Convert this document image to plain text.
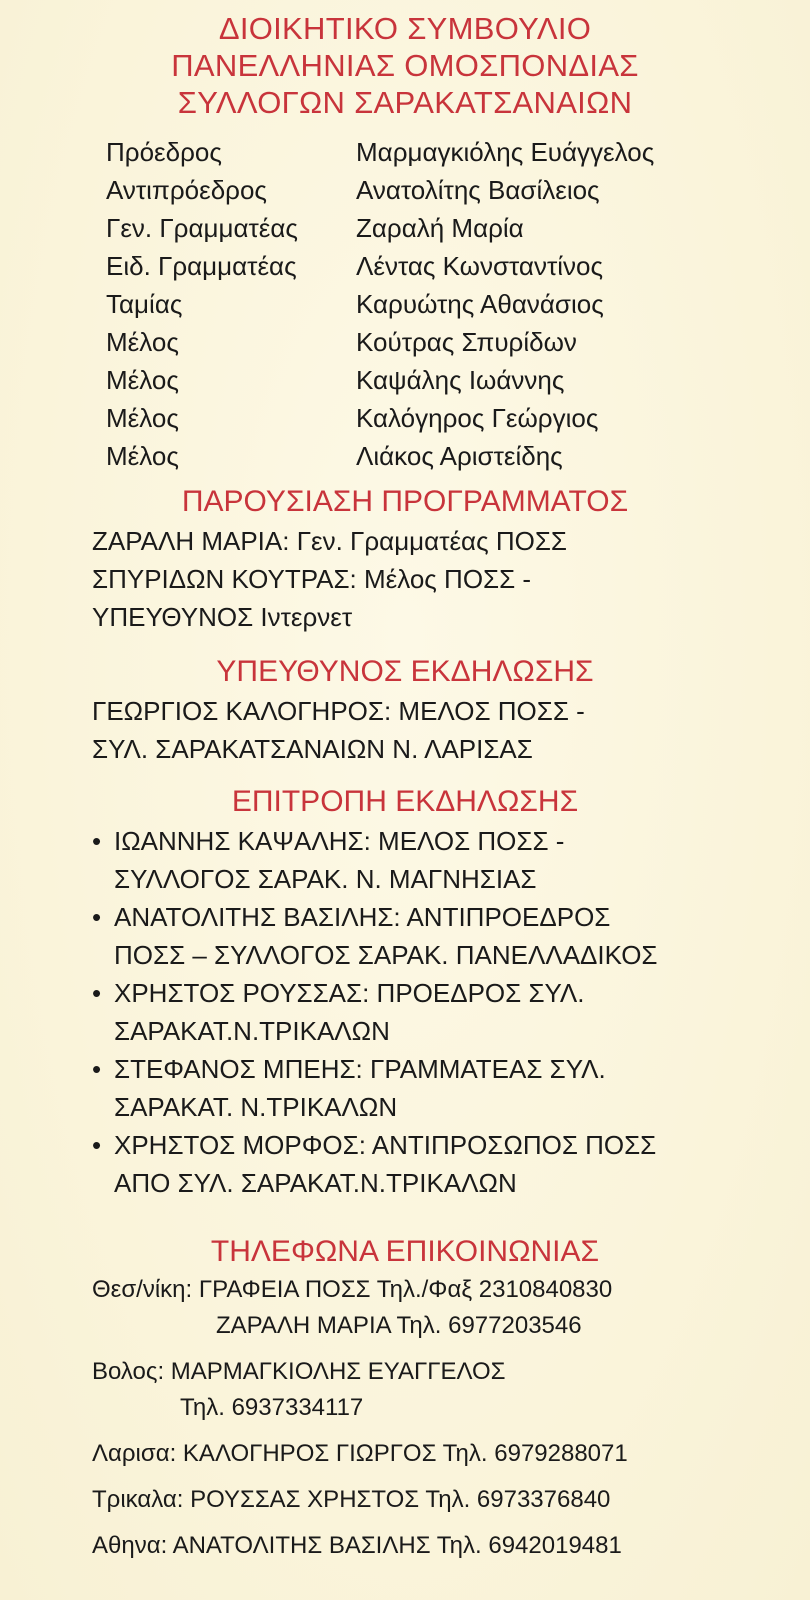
ΔΙΟΙΚΗΤΙΚΟ ΣΥΜΒΟΥΛΙΟ
ΠΑΝΕΛΛΗΝΙΑΣ ΟΜΟΣΠΟΝΔΙΑΣ
ΣΥΛΛΟΓΩΝ ΣΑΡΑΚΑΤΣΑΝΑΙΩΝ
Πρόεδρος	Μαρμαγκιόλης Ευάγγελος
Αντιπρόεδρος	Ανατολίτης Βασίλειος
Γεν. Γραμματέας	Ζαραλή Μαρία
Ειδ. Γραμματέας	Λέντας Κωνσταντίνος
Ταμίας	Καρυώτης Αθανάσιος
Μέλος	Κούτρας Σπυρίδων
Μέλος	Καψάλης Ιωάννης
Μέλος	Καλόγηρος Γεώργιος
Μέλος	Λιάκος Αριστείδης
ΠΑΡΟΥΣΙΑΣΗ ΠΡΟΓΡΑΜΜΑΤΟΣ
ΖΑΡΑΛΗ ΜΑΡΙΑ: Γεν. Γραμματέας ΠΟΣΣ
ΣΠΥΡΙΔΩΝ ΚΟΥΤΡΑΣ: Μέλος ΠΟΣΣ -
ΥΠΕΥΘΥΝΟΣ Ιντερνετ
ΥΠΕΥΘΥΝΟΣ ΕΚΔΗΛΩΣΗΣ
ΓΕΩΡΓΙΟΣ ΚΑΛΟΓΗΡΟΣ: ΜΕΛΟΣ ΠΟΣΣ -
ΣΥΛ. ΣΑΡΑΚΑΤΣΑΝΑΙΩΝ Ν. ΛΑΡΙΣΑΣ
ΕΠΙΤΡΟΠΗ ΕΚΔΗΛΩΣΗΣ
• ΙΩΑΝΝΗΣ ΚΑΨΑΛΗΣ: ΜΕΛΟΣ ΠΟΣΣ -
ΣΥΛΛΟΓΟΣ ΣΑΡΑΚ. Ν. ΜΑΓΝΗΣΙΑΣ
• ΑΝΑΤΟΛΙΤΗΣ ΒΑΣΙΛΗΣ: ΑΝΤΙΠΡΟΕΔΡΟΣ
ΠΟΣΣ – ΣΥΛΛΟΓΟΣ ΣΑΡΑΚ. ΠΑΝΕΛΛΑΔΙΚΟΣ
• ΧΡΗΣΤΟΣ ΡΟΥΣΣΑΣ: ΠΡΟΕΔΡΟΣ ΣΥΛ.
ΣΑΡΑΚΑΤ.Ν.ΤΡΙΚΑΛΩΝ
• ΣΤΕΦΑΝΟΣ ΜΠΕΗΣ: ΓΡΑΜΜΑΤΕΑΣ ΣΥΛ.
ΣΑΡΑΚΑΤ. Ν.ΤΡΙΚΑΛΩΝ
• ΧΡΗΣΤΟΣ ΜΟΡΦΟΣ: ΑΝΤΙΠΡΟΣΩΠΟΣ ΠΟΣΣ
ΑΠΟ ΣΥΛ. ΣΑΡΑΚΑΤ.Ν.ΤΡΙΚΑΛΩΝ
ΤΗΛΕΦΩΝΑ ΕΠΙΚΟΙΝΩΝΙΑΣ
Θεσ/νίκη: ΓΡΑΦΕΙΑ ΠΟΣΣ Τηλ./Φαξ 2310840830
ΖΑΡΑΛΗ ΜΑΡΙΑ Τηλ. 6977203546
Βολος: ΜΑΡΜΑΓΚΙΟΛΗΣ ΕΥΑΓΓΕΛΟΣ
Τηλ. 6937334117
Λαρισα: ΚΑΛΟΓΗΡΟΣ ΓΙΩΡΓΟΣ Τηλ. 6979288071
Τρικαλα: ΡΟΥΣΣΑΣ ΧΡΗΣΤΟΣ Τηλ. 6973376840
Αθηνα: ΑΝΑΤΟΛΙΤΗΣ ΒΑΣΙΛΗΣ Τηλ. 6942019481
